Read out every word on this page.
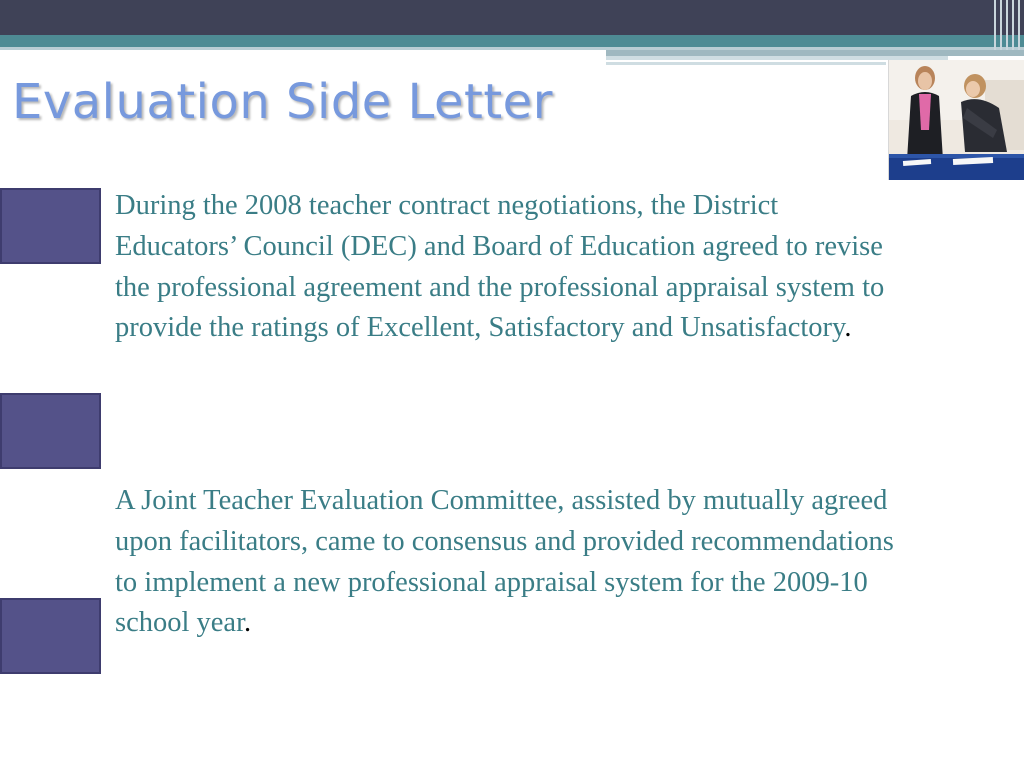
Evaluation Side Letter

During the 2008 teacher contract negotiations, the District Educators’ Council (DEC) and Board of Education agreed to revise the professional agreement and the professional appraisal system to provide the ratings of Excellent, Satisfactory and Unsatisfactory.

A Joint Teacher Evaluation Committee, assisted by mutually agreed upon facilitators, came to consensus and provided recommendations to implement a new professional appraisal system for the 2009-10 school year.
